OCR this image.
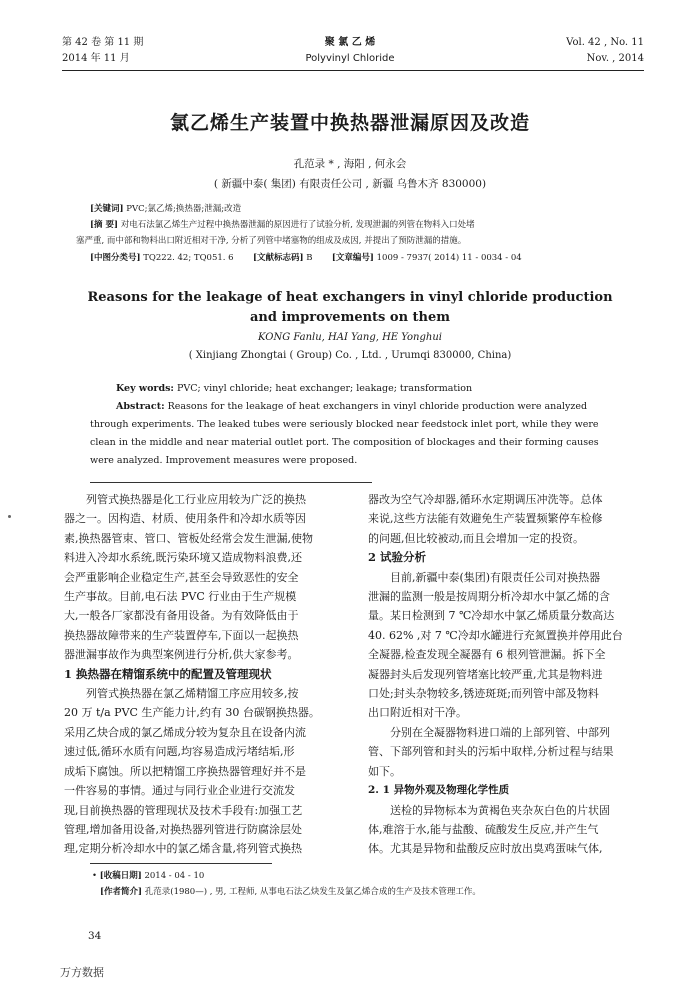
第 42 卷 第 11 期
2014 年 11 月
聚 氯 乙 烯
Polyvinyl Chloride
Vol. 42 , No. 11
Nov. , 2014
氯乙烯生产装置中换热器泄漏原因及改造
孔范录 * , 海阳 , 何永会
( 新疆中泰( 集团) 有限责任公司 , 新疆 乌鲁木齐 830000)
[关键词] PVC;氯乙烯;换热器;泄漏;改造
[摘 要] 对电石法氯乙烯生产过程中换热器泄漏的原因进行了试验分析, 发现泄漏的列管在物料入口处堵
塞严重, 而中部和物料出口附近相对干净, 分析了列管中堵塞物的组成及成因, 并提出了预防泄漏的措施。
[中图分类号] TQ222. 42; TQ051. 6 [文献标志码] B [文章编号] 1009 - 7937( 2014) 11 - 0034 - 04
Reasons for the leakage of heat exchangers in vinyl chloride production
and improvements on them
KONG Fanlu, HAI Yang, HE Yonghui
( Xinjiang Zhongtai ( Group) Co. , Ltd. , Urumqi 830000, China)
Key words: PVC; vinyl chloride; heat exchanger; leakage; transformation
Abstract: Reasons for the leakage of heat exchangers in vinyl chloride production were analyzed
through experiments. The leaked tubes were seriously blocked near feedstock inlet port, while they were
clean in the middle and near material outlet port. The composition of blockages and their forming causes
were analyzed. Improvement measures were proposed.

列管式换热器是化工行业应用较为广泛的换热

器之一。因构造、材质、使用条件和冷却水质等因

素,换热器管束、管口、管板处经常会发生泄漏,使物

料进入冷却水系统,既污染环境又造成物料浪费,还

会严重影响企业稳定生产,甚至会导致恶性的安全

生产事故。目前,电石法 PVC 行业由于生产规模

大,一般各厂家都没有备用设备。为有效降低由于

换热器故障带来的生产装置停车,下面以一起换热

器泄漏事故作为典型案例进行分析,供大家参考。

1 换热器在精馏系统中的配置及管理现状

列管式换热器在氯乙烯精馏工序应用较多,按

20 万 t/a PVC 生产能力计,约有 30 台碳钢换热器。

采用乙炔合成的氯乙烯成分较为复杂且在设备内流

速过低,循环水质有问题,均容易造成污堵结垢,形

成垢下腐蚀。所以把精馏工序换热器管理好并不是

一件容易的事情。通过与同行业企业进行交流发

现,目前换热器的管理现状及技术手段有:加强工艺

管理,增加备用设备,对换热器列管进行防腐涂层处

理,定期分析冷却水中的氯乙烯含量,将列管式换热

器改为空气冷却器,循环水定期调压冲洗等。总体

来说,这些方法能有效避免生产装置频繁停车检修

的问题,但比较被动,而且会增加一定的投资。

2 试验分析

目前,新疆中泰(集团)有限责任公司对换热器

泄漏的监测一般是按周期分析冷却水中氯乙烯的含

量。某日检测到 7 ℃冷却水中氯乙烯质量分数高达

40. 62% ,对 7 ℃冷却水罐进行充氮置换并停用此台

全凝器,检查发现全凝器有 6 根列管泄漏。拆下全

凝器封头后发现列管堵塞比较严重,尤其是物料进

口处;封头杂物较多,锈迹斑斑;而列管中部及物料

出口附近相对干净。

分别在全凝器物料进口端的上部列管、中部列

管、下部列管和封头的污垢中取样,分析过程与结果

如下。

2. 1 异物外观及物理化学性质

送检的异物标本为黄褐色夹杂灰白色的片状固

体,难溶于水,能与盐酸、硫酸发生反应,并产生气

体。尤其是异物和盐酸反应时放出臭鸡蛋味气体,

• [收稿日期] 2014 - 04 - 10
[作者简介] 孔范录(1980—) , 男, 工程师, 从事电石法乙炔发生及氯乙烯合成的生产及技术管理工作。
34
万方数据
